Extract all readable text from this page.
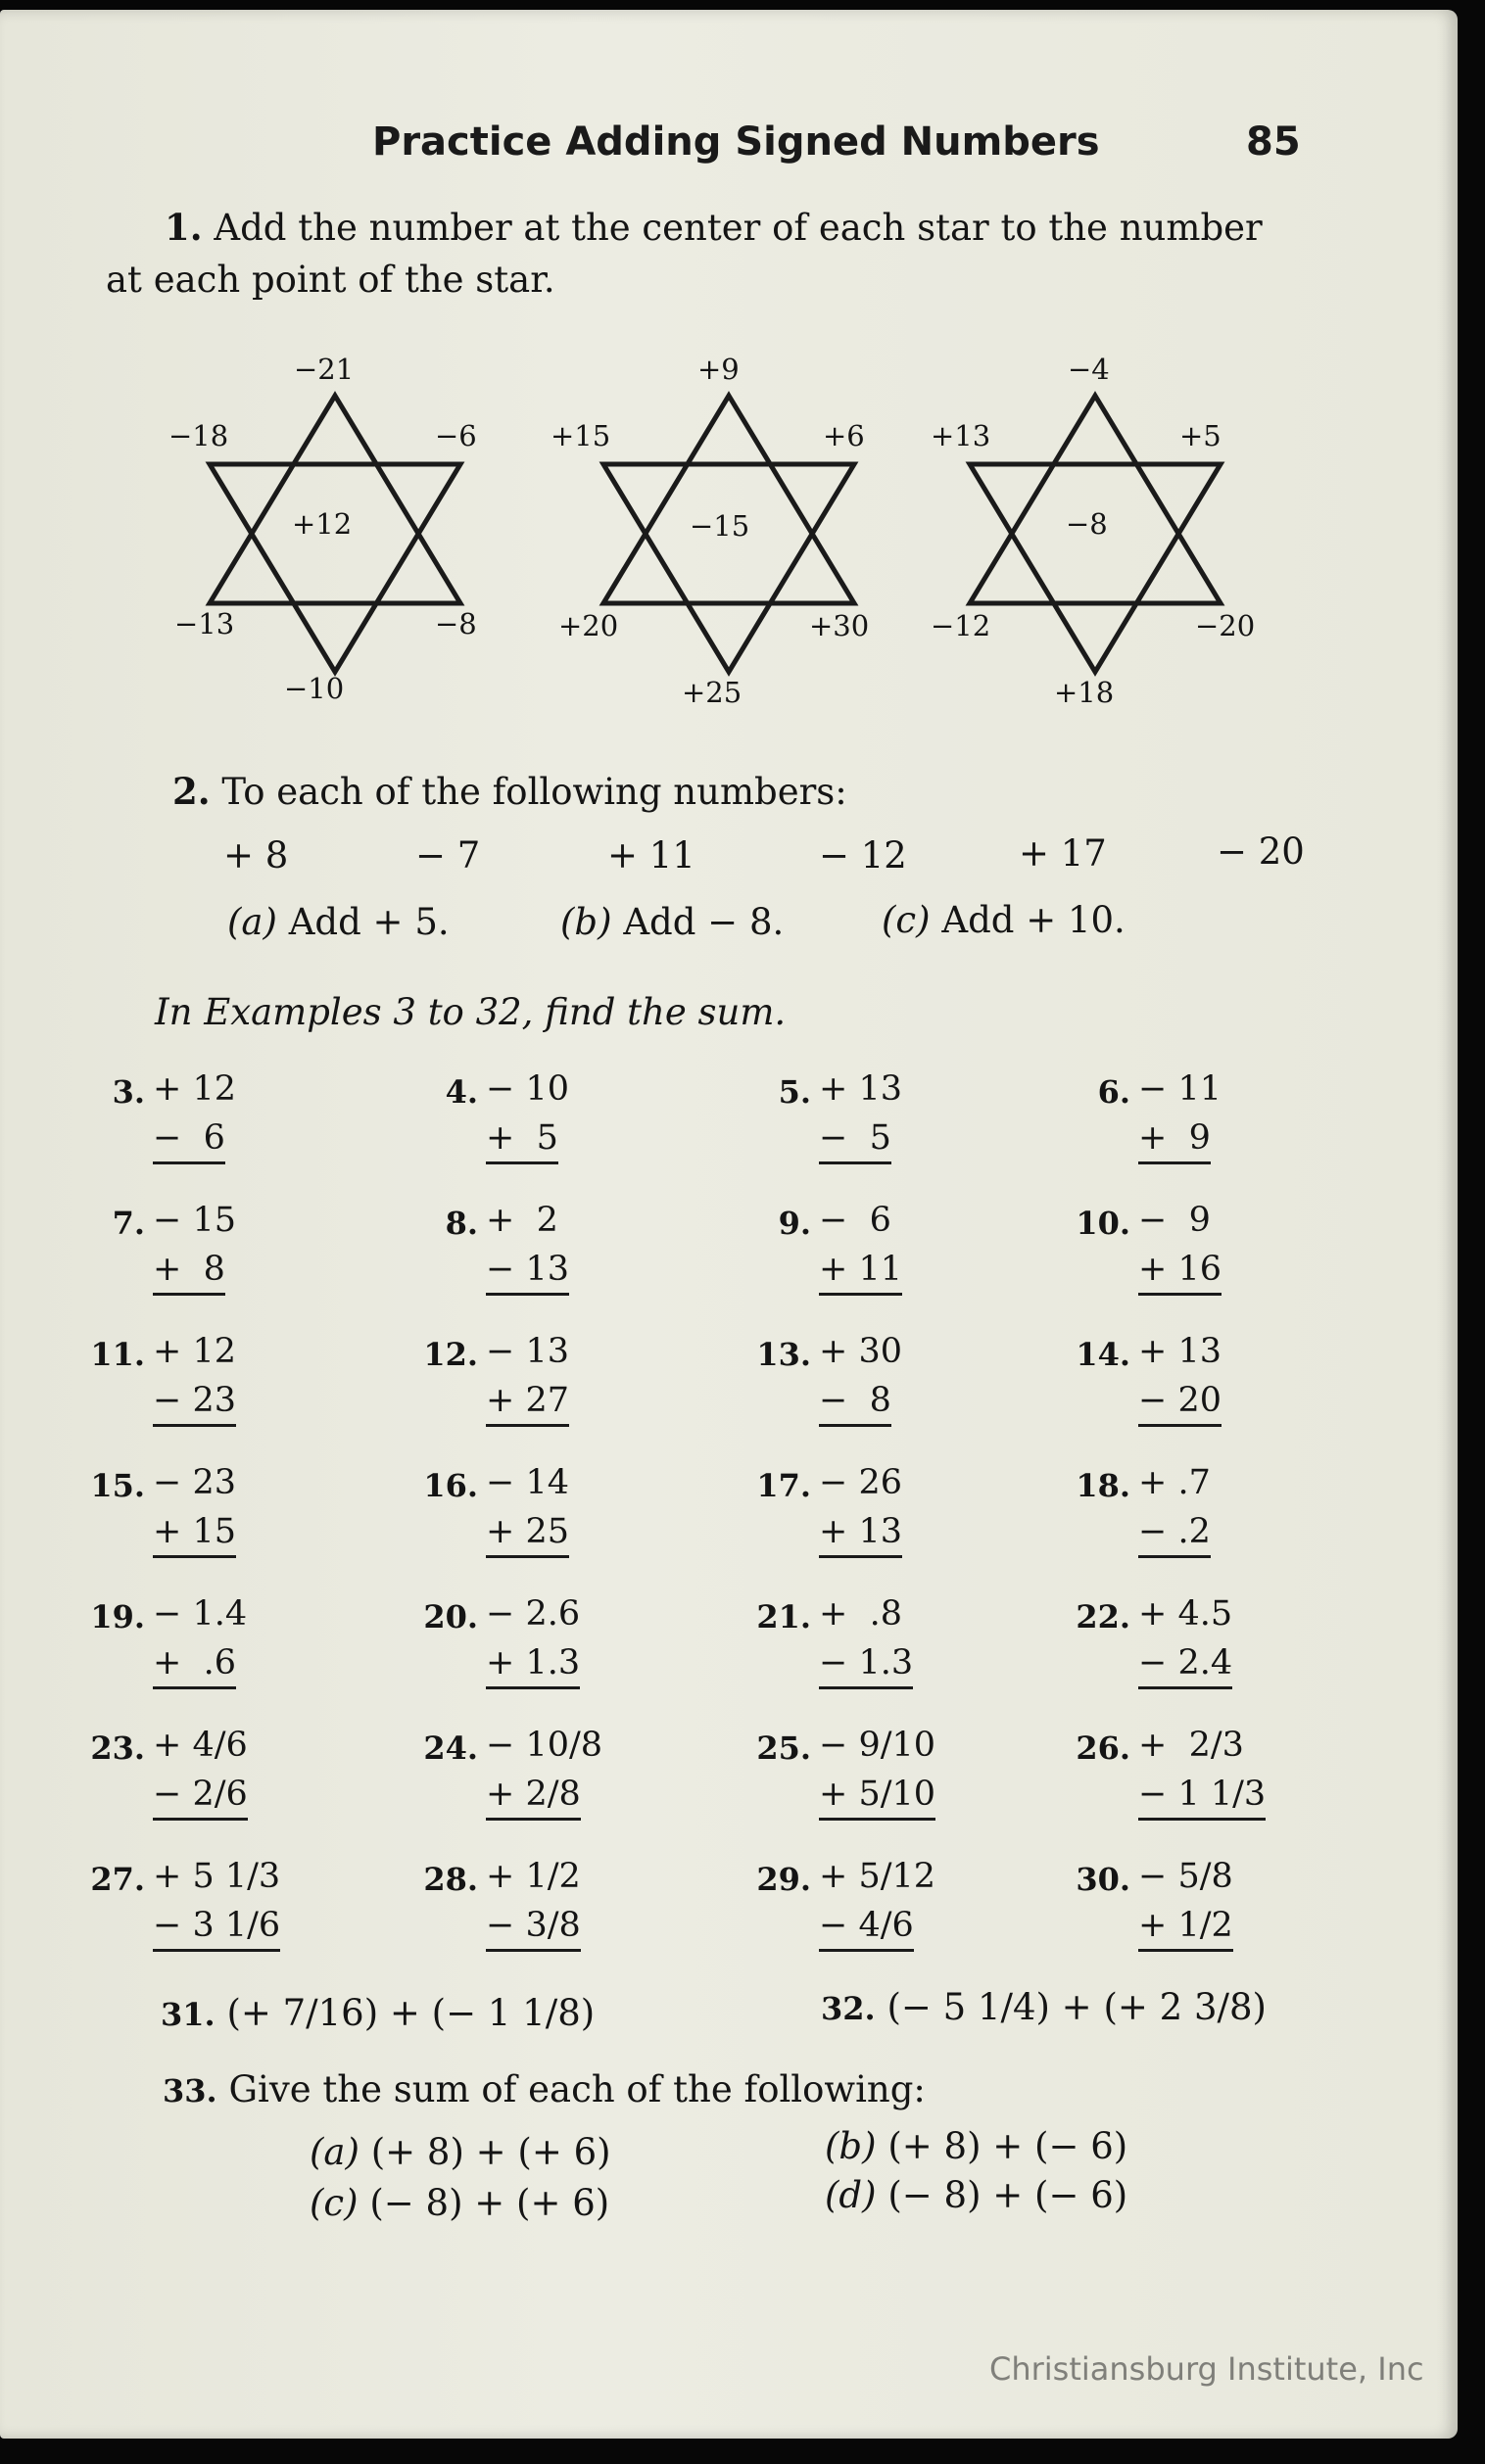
Practice Adding Signed Numbers	85
1. Add the number at the center of each star to the number
at each point of the star.
−21
−18	−6
+12
−13	−8
−10
+9
+15	+6
−15
+20	+30
+25
−4
+13	+5
−8
−12	−20
+18
2. To each of the following numbers:
+ 8	− 7	+ 11	− 12	+ 17	− 20
(a) Add + 5.	(b) Add − 8.	(c) Add + 10.
In Examples 3 to 32, find the sum.
3. + 12
−  6
4. − 10
+  5
5. + 13
−  5
6. − 11
+  9
7. − 15
+  8
8. +  2
− 13
9. −  6
+ 11
10. −  9
+ 16
11. + 12
− 23
12. − 13
+ 27
13. + 30
−  8
14. + 13
− 20
15. − 23
+ 15
16. − 14
+ 25
17. − 26
+ 13
18. + .7
− .2
19. − 1.4
+  .6
20. − 2.6
+ 1.3
21. +  .8
− 1.3
22. + 4.5
− 2.4
23. + 4/6
− 2/6
24. − 10/8
+ 2/8
25. − 9/10
+ 5/10
26. +  2/3
− 1 1/3
27. + 5 1/3
− 3 1/6
28. + 1/2
− 3/8
29. + 5/12
− 4/6
30. − 5/8
+ 1/2
31. (+ 7/16) + (− 1 1/8)	32. (− 5 1/4) + (+ 2 3/8)
33. Give the sum of each of the following:
(a) (+ 8) + (+ 6)	(b) (+ 8) + (− 6)
(c) (− 8) + (+ 6)	(d) (− 8) + (− 6)
Christiansburg Institute, Inc
